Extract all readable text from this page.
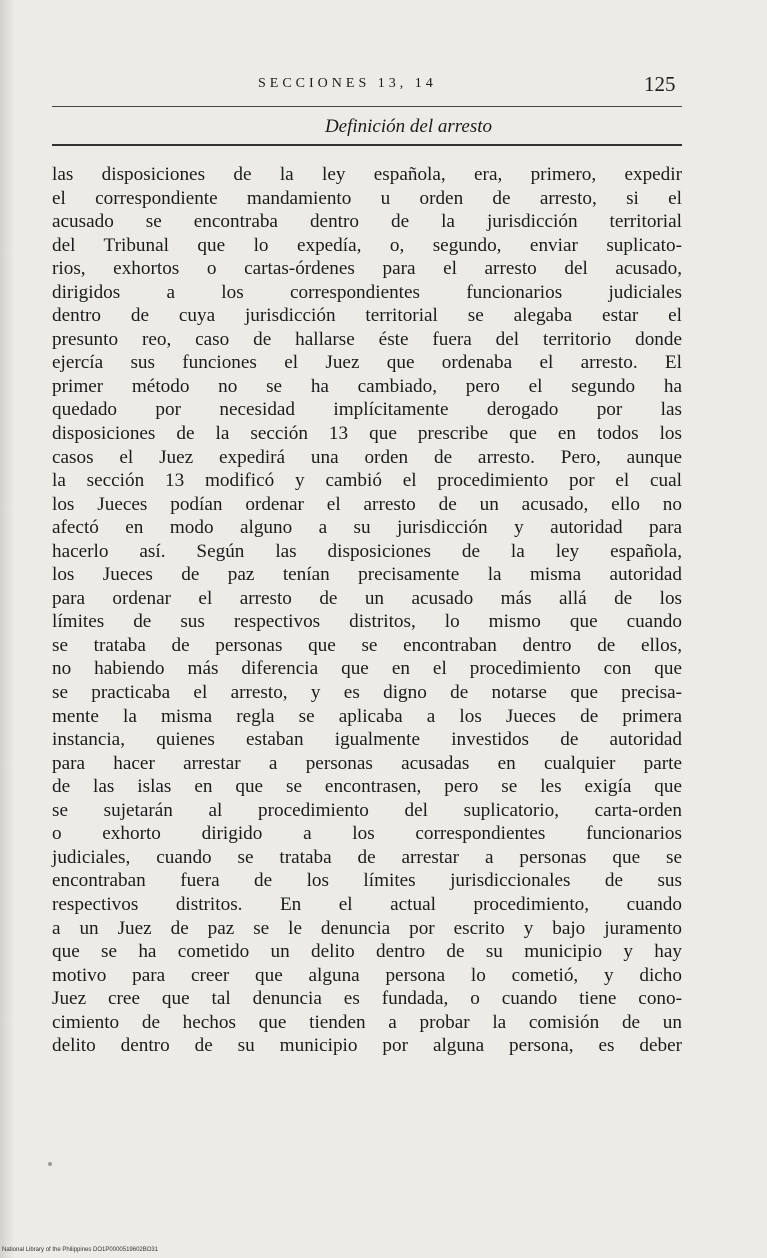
SECCIONES 13, 14	125
Definición del arresto
las disposiciones de la ley española, era, primero, expedir
el correspondiente mandamiento u orden de arresto, si el
acusado se encontraba dentro de la jurisdicción territorial
del Tribunal que lo expedía, o, segundo, enviar suplicato-
rios, exhortos o cartas-órdenes para el arresto del acusado,
dirigidos a los correspondientes funcionarios judiciales
dentro de cuya jurisdicción territorial se alegaba estar el
presunto reo, caso de hallarse éste fuera del territorio donde
ejercía sus funciones el Juez que ordenaba el arresto. El
primer método no se ha cambiado, pero el segundo ha
quedado por necesidad implícitamente derogado por las
disposiciones de la sección 13 que prescribe que en todos los
casos el Juez expedirá una orden de arresto. Pero, aunque
la sección 13 modificó y cambió el procedimiento por el cual
los Jueces podían ordenar el arresto de un acusado, ello no
afectó en modo alguno a su jurisdicción y autoridad para
hacerlo así. Según las disposiciones de la ley española,
los Jueces de paz tenían precisamente la misma autoridad
para ordenar el arresto de un acusado más allá de los
límites de sus respectivos distritos, lo mismo que cuando
se trataba de personas que se encontraban dentro de ellos,
no habiendo más diferencia que en el procedimiento con que
se practicaba el arresto, y es digno de notarse que precisa-
mente la misma regla se aplicaba a los Jueces de primera
instancia, quienes estaban igualmente investidos de autoridad
para hacer arrestar a personas acusadas en cualquier parte
de las islas en que se encontrasen, pero se les exigía que
se sujetarán al procedimiento del suplicatorio, carta-orden
o exhorto dirigido a los correspondientes funcionarios
judiciales, cuando se trataba de arrestar a personas que se
encontraban fuera de los límites jurisdiccionales de sus
respectivos distritos. En el actual procedimiento, cuando
a un Juez de paz se le denuncia por escrito y bajo juramento
que se ha cometido un delito dentro de su municipio y hay
motivo para creer que alguna persona lo cometió, y dicho
Juez cree que tal denuncia es fundada, o cuando tiene cono-
cimiento de hechos que tienden a probar la comisión de un
delito dentro de su municipio por alguna persona, es deber
National Library of the Philippines DO1P0000519602BO31
